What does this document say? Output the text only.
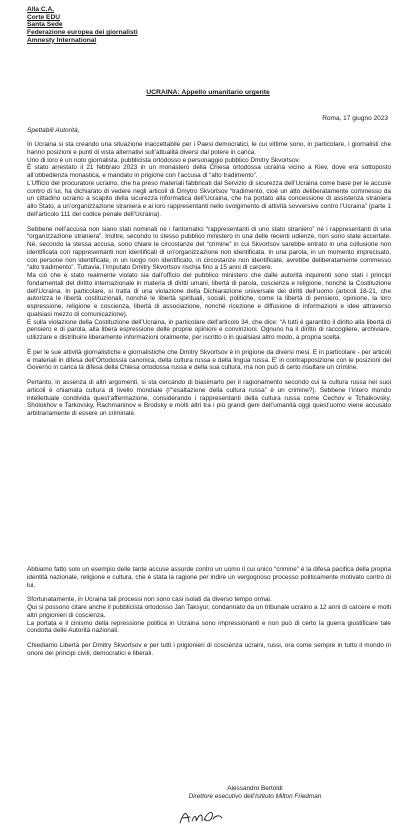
Alla C.A.
Corte EDU
Santa Sede
Federazione europea dei giornalisti
Amnesty International
UCRAINA: Appello umanitario urgente
Roma, 17 giugno 2023
Spettabili Autorità,

In Ucraina si sta creando una situazione inaccettabile per i Paesi democratici, le cui vittime sono, in particolare, i giornalisti che hanno posizioni e punti di vista alternativi sull’attualità diversi dal potere in carica.

Uno di loro è un noto giornalista, pubblicista ortodosso e personaggio pubblico Dmitry Skvortsov.

È stato arrestato il 21 febbraio 2023 in un monastero della Chiesa ortodossa ucraina vicino a Kiev, dove era sottoposto all’obbedienza monastica, e mandato in prigione con l’accusa di “alto tradimento”.

L’Ufficio del procuratore ucraino, che ha preso materiali fabbricati dal Servizio di sicurezza dell’Ucraina come base per le accuse contro di lui, ha dichiarato di vedere negli articoli di Dmytro Skvortsov “tradimento, cioè un atto deliberatamente commesso da un cittadino ucraino a scapito della sicurezza informatica dell’Ucraina, che ha portato alla concessione di assistenza straniera allo Stato, a un’organizzazione straniera e ai loro rappresentanti nello svolgimento di attività sovversive contro l’Ucraina” (parte 1 dell’articolo 111 del codice penale dell’Ucraina).

Sebbene nell’accusa non siano stati nominati né i fantomatici “rappresentanti di uno stato straniero” né i rappresentanti di una “organizzazione straniera”. Inoltre, secondo lo stesso pubblico ministero in una delle recenti udienze, non sono state accertate. Né, secondo la stessa accusa, sono chiare le circostanze del “crimine” in cui Skvortsov sarebbe entrato in una collusione non identificata con rappresentanti non identificati di un’organizzazione non identificata. In una parola, in un momento imprecisato, con persone non identificate, in un luogo non identificato, in circostanze non identificate, avrebbe deliberatamente commesso “alto tradimento”. Tuttavia, l’imputato Dmitry Skvortsov rischia fino a 15 anni di carcere.

Ma ciò che è stato realmente violato sia dall’ufficio del pubblico ministero che dalle autorità inquirenti sono stati i principi fondamentali del diritto internazionale in materia di diritti umani, libertà di parola, coscienza e religione, nonché la Costituzione dell’Ucraina. In particolare, si tratta di una violazione della Dichiarazione universale dei diritti dell’uomo (articoli 18-21, che autorizza le libertà costituzionali, nonché le libertà spirituali, sociali, politiche, come la libertà di pensiero, opinione, la loro espressione, religione e coscienza, libertà di associazione, nonché ricezione e diffusione di informazioni e idee attraverso qualsiasi mezzo di comunicazione).

E sulla violazione della Costituzione dell’Ucraina, in particolare dell’articolo 34, che dice: “A tutti è garantito il diritto alla libertà di pensiero e di parola, alla libera espressione delle proprie opinioni e convinzioni. Ognuno ha il diritto di raccogliere, archiviare, utilizzare e distribuire liberamente informazioni oralmente, per iscritto o in qualsiasi altro modo, a propria scelta.

È per le sue attività giornalistiche e giornalistiche che Dmitry Skvortsov è in prigione da diversi mesi. E in particolare - per articoli e materiali in difesa dell’Ortodossia canonica, della cultura russa e della lingua russa. E’ in contrapposizione con le posizioni del Governo in carica la difesa della Chiesa ortodossa russa e della sua cultura, ma non può di certo risultare un crimine.

Pertanto, in assenza di altri argomenti, si sta cercando di biasimarlo per il ragionamento secondo cui la cultura russa nei suoi articoli è chiamata cultura di livello mondiale (l’“esaltazione della cultura russa” è un crimine?). Sebbene l’intero mondo intellettuale condivida quest’affermazione, considerando i rappresentanti della cultura russa come Cechov e Tchaikovsky, Sholokhov e Tarkovsky, Rachmaninov e Brodsky e molti altri tra i più grandi geni dell’umanità oggi quest’uomo viene accusato arbitrariamente di essere un criminale.

Abbiamo fatto solo un esempio delle tante accuse assurde contro un uomo il cui unico “crimine” è la difesa pacifica della propria identità nazionale, religione e cultura, che è stata la ragione per indire un vergognoso processo politicamente motivato contro di lui.

Sfortunatamente, in Ucraina tali processi non sono casi isolati da diverso tempo ormai.

Qui si possono citare anche il pubblicista ortodosso Jan Taksyur, condannato da un tribunale ucraino a 12 anni di carcere e molti altri prigionieri di coscienza.

La portata e il cinismo della repressione politica in Ucraina sono impressionanti e non può di certo la guerra giustificare tale condotta delle Autorità nazionali.

Chiediamo Libertà per Dmitry Skvortsov e per tutti i prigionieri di coscienza ucraini, russi, ora come sempre in tutto il mondo in onore dei principi civili, democratici e liberali.

Alessandro Bertoldi
Direttore esecutivo dell’Istituto Milton Friedman
